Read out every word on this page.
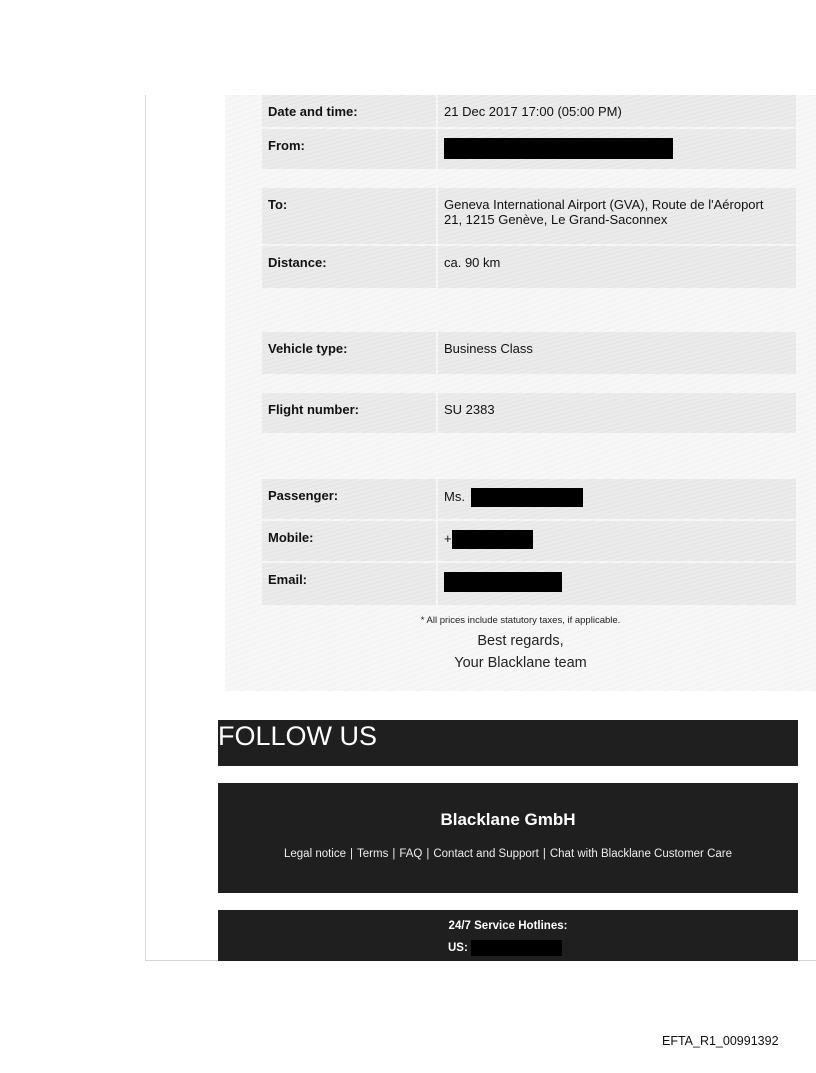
Date and time:	21 Dec 2017 17:00 (05:00 PM)
From:
To:	Geneva International Airport (GVA), Route de l'Aéroport
21, 1215 Genève, Le Grand-Saconnex
Distance:	ca. 90 km
Vehicle type:	Business Class
Flight number:	SU 2383
Passenger:	Ms.
Mobile:	+
Email:
* All prices include statutory taxes, if applicable.
Best regards,
Your Blacklane team
FOLLOW US
Blacklane GmbH
Legal notice | Terms | FAQ | Contact and Support | Chat with Blacklane Customer Care
24/7 Service Hotlines:
US:
EFTA_R1_00991392
